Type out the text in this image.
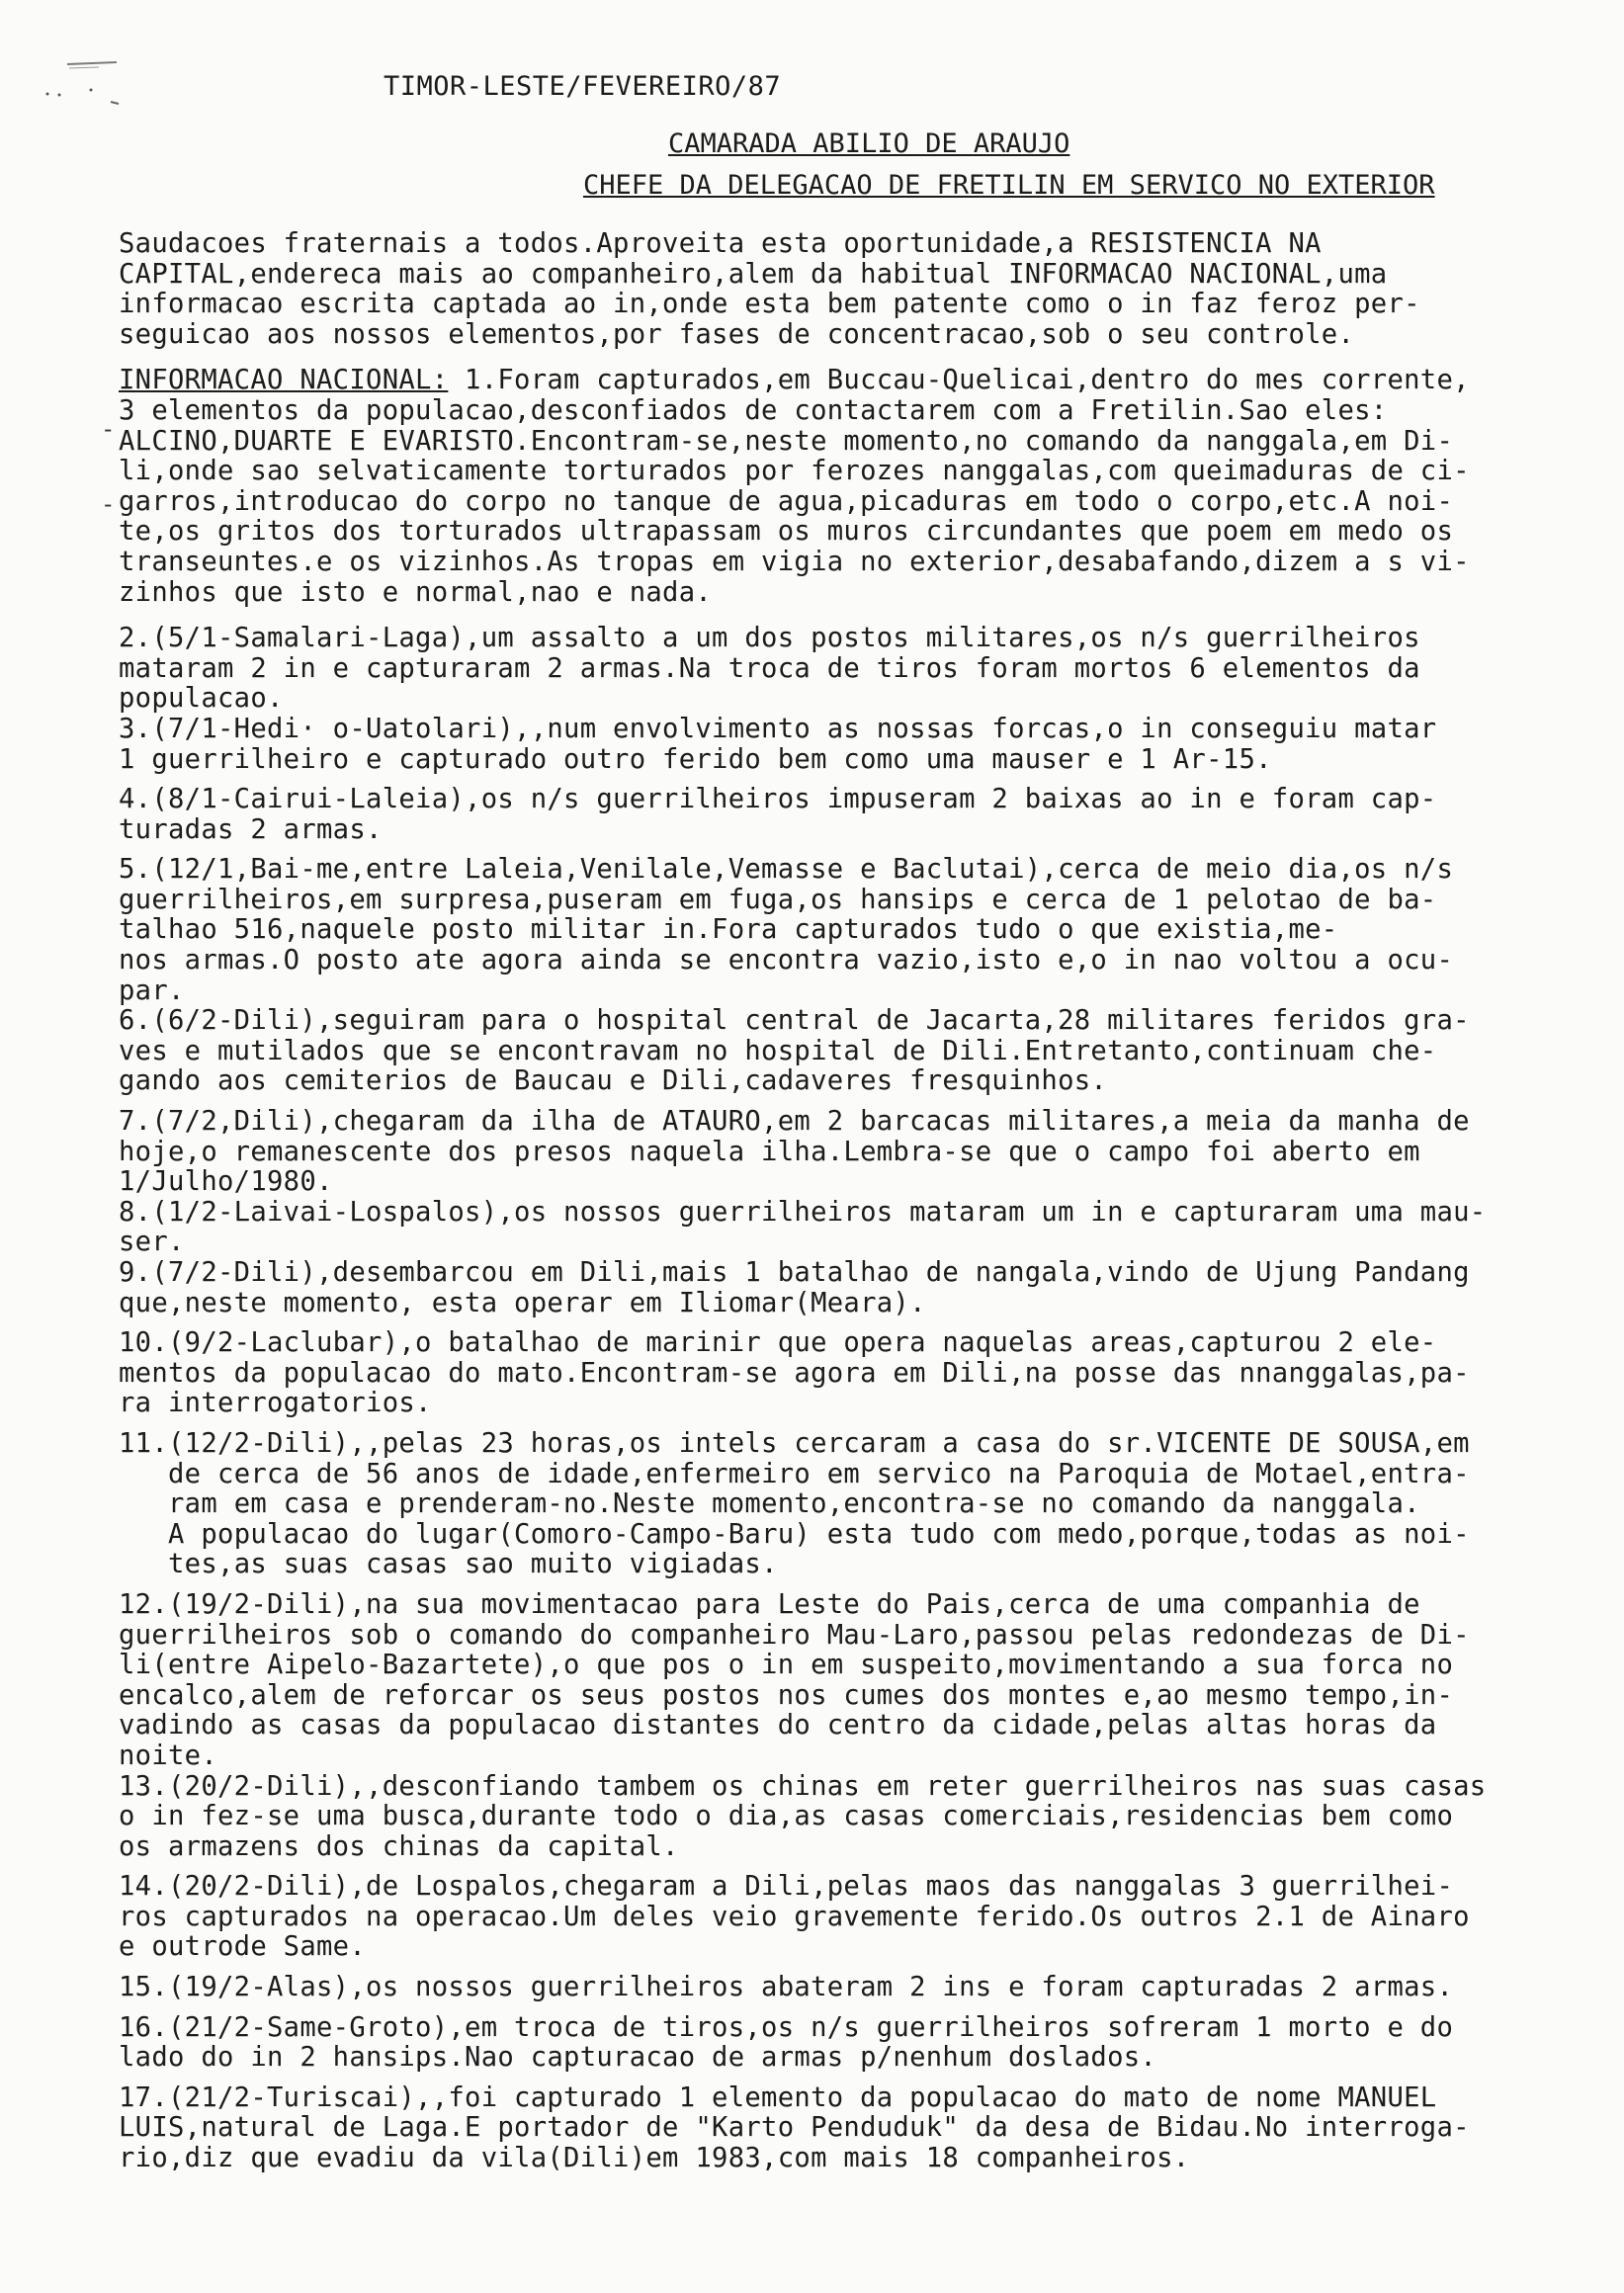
TIMOR-LESTE/FEVEREIRO/87
CAMARADA ABILIO DE ARAUJO
CHEFE DA DELEGACAO DE FRETILIN EM SERVICO NO EXTERIOR

Saudacoes fraternais a todos.Aproveita esta oportunidade,a RESISTENCIA NA
CAPITAL,endereca mais ao companheiro,alem da habitual INFORMACAO NACIONAL,uma
informacao escrita captada ao in,onde esta bem patente como o in faz feroz per-
seguicao aos nossos elementos,por fases de concentracao,sob o seu controle.

INFORMACAO NACIONAL: 1.Foram capturados,em Buccau-Quelicai,dentro do mes corrente,
3 elementos da populacao,desconfiados de contactarem com a Fretilin.Sao eles:
ALCINO,DUARTE E EVARISTO.Encontram-se,neste momento,no comando da nanggala,em Di-
li,onde sao selvaticamente torturados por ferozes nanggalas,com queimaduras de ci-
garros,introducao do corpo no tanque de agua,picaduras em todo o corpo,etc.A noi-
te,os gritos dos torturados ultrapassam os muros circundantes que poem em medo os
transeuntes.e os vizinhos.As tropas em vigia no exterior,desabafando,dizem a s vi-
zinhos que isto e normal,nao e nada.

2.(5/1-Samalari-Laga),um assalto a um dos postos militares,os n/s guerrilheiros
mataram 2 in e capturaram 2 armas.Na troca de tiros foram mortos 6 elementos da
populacao.

3.(7/1-Hedi· o-Uatolari),,num envolvimento as nossas forcas,o in conseguiu matar
1 guerrilheiro e capturado outro ferido bem como uma mauser e 1 Ar-15.

4.(8/1-Cairui-Laleia),os n/s guerrilheiros impuseram 2 baixas ao in e foram cap-
turadas 2 armas.

5.(12/1,Bai-me,entre Laleia,Venilale,Vemasse e Baclutai),cerca de meio dia,os n/s
guerrilheiros,em surpresa,puseram em fuga,os hansips e cerca de 1 pelotao de ba-
talhao 516,naquele posto militar in.Fora capturados tudo o que existia,me-
nos armas.O posto ate agora ainda se encontra vazio,isto e,o in nao voltou a ocu-
par.

6.(6/2-Dili),seguiram para o hospital central de Jacarta,28 militares feridos gra-
ves e mutilados que se encontravam no hospital de Dili.Entretanto,continuam che-
gando aos cemiterios de Baucau e Dili,cadaveres fresquinhos.

7.(7/2,Dili),chegaram da ilha de ATAURO,em 2 barcacas militares,a meia da manha de
hoje,o remanescente dos presos naquela ilha.Lembra-se que o campo foi aberto em
1/Julho/1980.

8.(1/2-Laivai-Lospalos),os nossos guerrilheiros mataram um in e capturaram uma mau-
ser.

9.(7/2-Dili),desembarcou em Dili,mais 1 batalhao de nangala,vindo de Ujung Pandang
que,neste momento, esta operar em Iliomar(Meara).

10.(9/2-Laclubar),o batalhao de marinir que opera naquelas areas,capturou 2 ele-
mentos da populacao do mato.Encontram-se agora em Dili,na posse das nnanggalas,pa-
ra interrogatorios.

11.(12/2-Dili),,pelas 23 horas,os intels cercaram a casa do sr.VICENTE DE SOUSA,em
de cerca de 56 anos de idade,enfermeiro em servico na Paroquia de Motael,entra-
ram em casa e prenderam-no.Neste momento,encontra-se no comando da nanggala.
A populacao do lugar(Comoro-Campo-Baru) esta tudo com medo,porque,todas as noi-
tes,as suas casas sao muito vigiadas.

12.(19/2-Dili),na sua movimentacao para Leste do Pais,cerca de uma companhia de
guerrilheiros sob o comando do companheiro Mau-Laro,passou pelas redondezas de Di-
li(entre Aipelo-Bazartete),o que pos o in em suspeito,movimentando a sua forca no
encalco,alem de reforcar os seus postos nos cumes dos montes e,ao mesmo tempo,in-
vadindo as casas da populacao distantes do centro da cidade,pelas altas horas da
noite.

13.(20/2-Dili),,desconfiando tambem os chinas em reter guerrilheiros nas suas casas
o in fez-se uma busca,durante todo o dia,as casas comerciais,residencias bem como
os armazens dos chinas da capital.

14.(20/2-Dili),de Lospalos,chegaram a Dili,pelas maos das nanggalas 3 guerrilhei-
ros capturados na operacao.Um deles veio gravemente ferido.Os outros 2.1 de Ainaro
e outrode Same.

15.(19/2-Alas),os nossos guerrilheiros abateram 2 ins e foram capturadas 2 armas.

16.(21/2-Same-Groto),em troca de tiros,os n/s guerrilheiros sofreram 1 morto e do
lado do in 2 hansips.Nao capturacao de armas p/nenhum doslados.

17.(21/2-Turiscai),,foi capturado 1 elemento da populacao do mato de nome MANUEL
LUIS,natural de Laga.E portador de "Karto Penduduk" da desa de Bidau.No interroga-
rio,diz que evadiu da vila(Dili)em 1983,com mais 18 companheiros.

-
-
